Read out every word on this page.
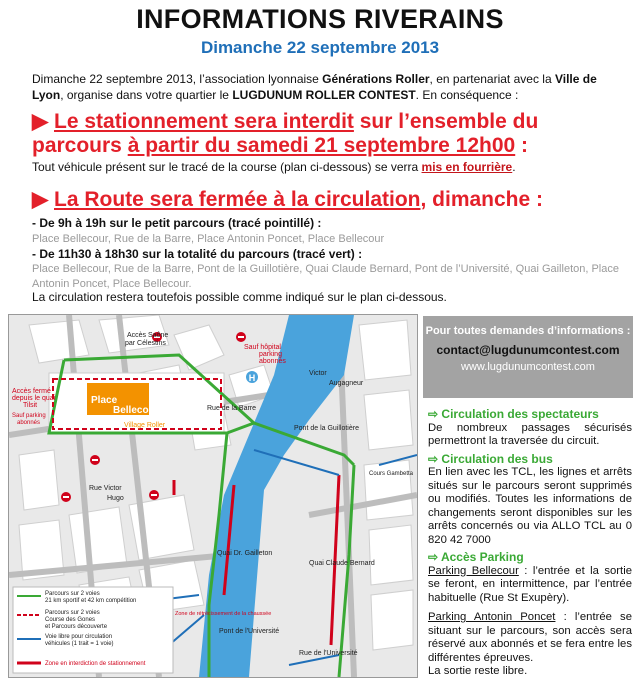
INFORMATIONS RIVERAINS
Dimanche 22 septembre 2013
Dimanche 22 septembre 2013, l’association lyonnaise Générations Roller, en partenariat avec la Ville de Lyon, organise dans votre quartier le LUGDUNUM ROLLER CONTEST. En conséquence :
▶ Le stationnement sera interdit sur l’ensemble du parcours à partir du samedi 21 septembre 12h00 :
Tout véhicule présent sur le tracé de la course (plan ci-dessous) se verra mis en fourrière.
▶ La Route sera fermée à la circulation, dimanche :
- De 9h à 19h sur le petit parcours (tracé pointillé) :
Place Bellecour, Rue de la Barre, Place Antonin Poncet, Place Bellecour
- De 11h30 à 18h30 sur la totalité du parcours (tracé vert) :
Place Bellecour, Rue de la Barre, Pont de la Guillotière, Quai Claude Bernard, Pont de l’Université, Quai Gailleton, Place Antonin Poncet, Place Bellecour.
La circulation restera toutefois possible comme indiqué sur le plan ci-dessous.
H
Accès Saône
par Célestins
Sauf hôpital
parking
abonnés
Accès fermé
depuis le quai
Tilsit
Sauf parking
abonnés
Place
Bellecour
Village Roller	Pont de la Guillotière
Pont de l'Université
Quai Dr. Gailleton
Quai Claude Bernard
Rue Victor
Hugo
Victor
Augagneur
Cours Gambetta
Rue de l'Université
Rue de la Barre
Zone de rétrécissement de la chaussée
Parcours sur 2 voies
21 km sportif et 42 km compétition
Parcours sur 2 voies
Course des Gones
et Parcours découverte
Voie libre pour circulation
véhicules (1 trait = 1 voie)
Zone en interdiction de stationnement
Pour toutes demandes d’informations :
contact@lugdunumcontest.com
www.lugdunumcontest.com
⇨ Circulation des spectateurs
De nombreux passages sécurisés permettront la traversée du circuit.
⇨ Circulation des bus
En lien avec les TCL, les lignes et arrêts situés sur le parcours seront supprimés ou modifiés. Toutes les informations de changements seront disponibles sur les arrêts concernés ou via ALLO TCL au 0 820 42 7000
⇨ Accès Parking
Parking Bellecour : l’entrée et la sortie se feront, en intermittence, par l’entrée habituelle (Rue St Exupèry).
Parking Antonin Poncet : l’entrée se situant sur le parcours, son accès sera réservé aux abonnés et se fera entre les différentes épreuves.
La sortie reste libre.
